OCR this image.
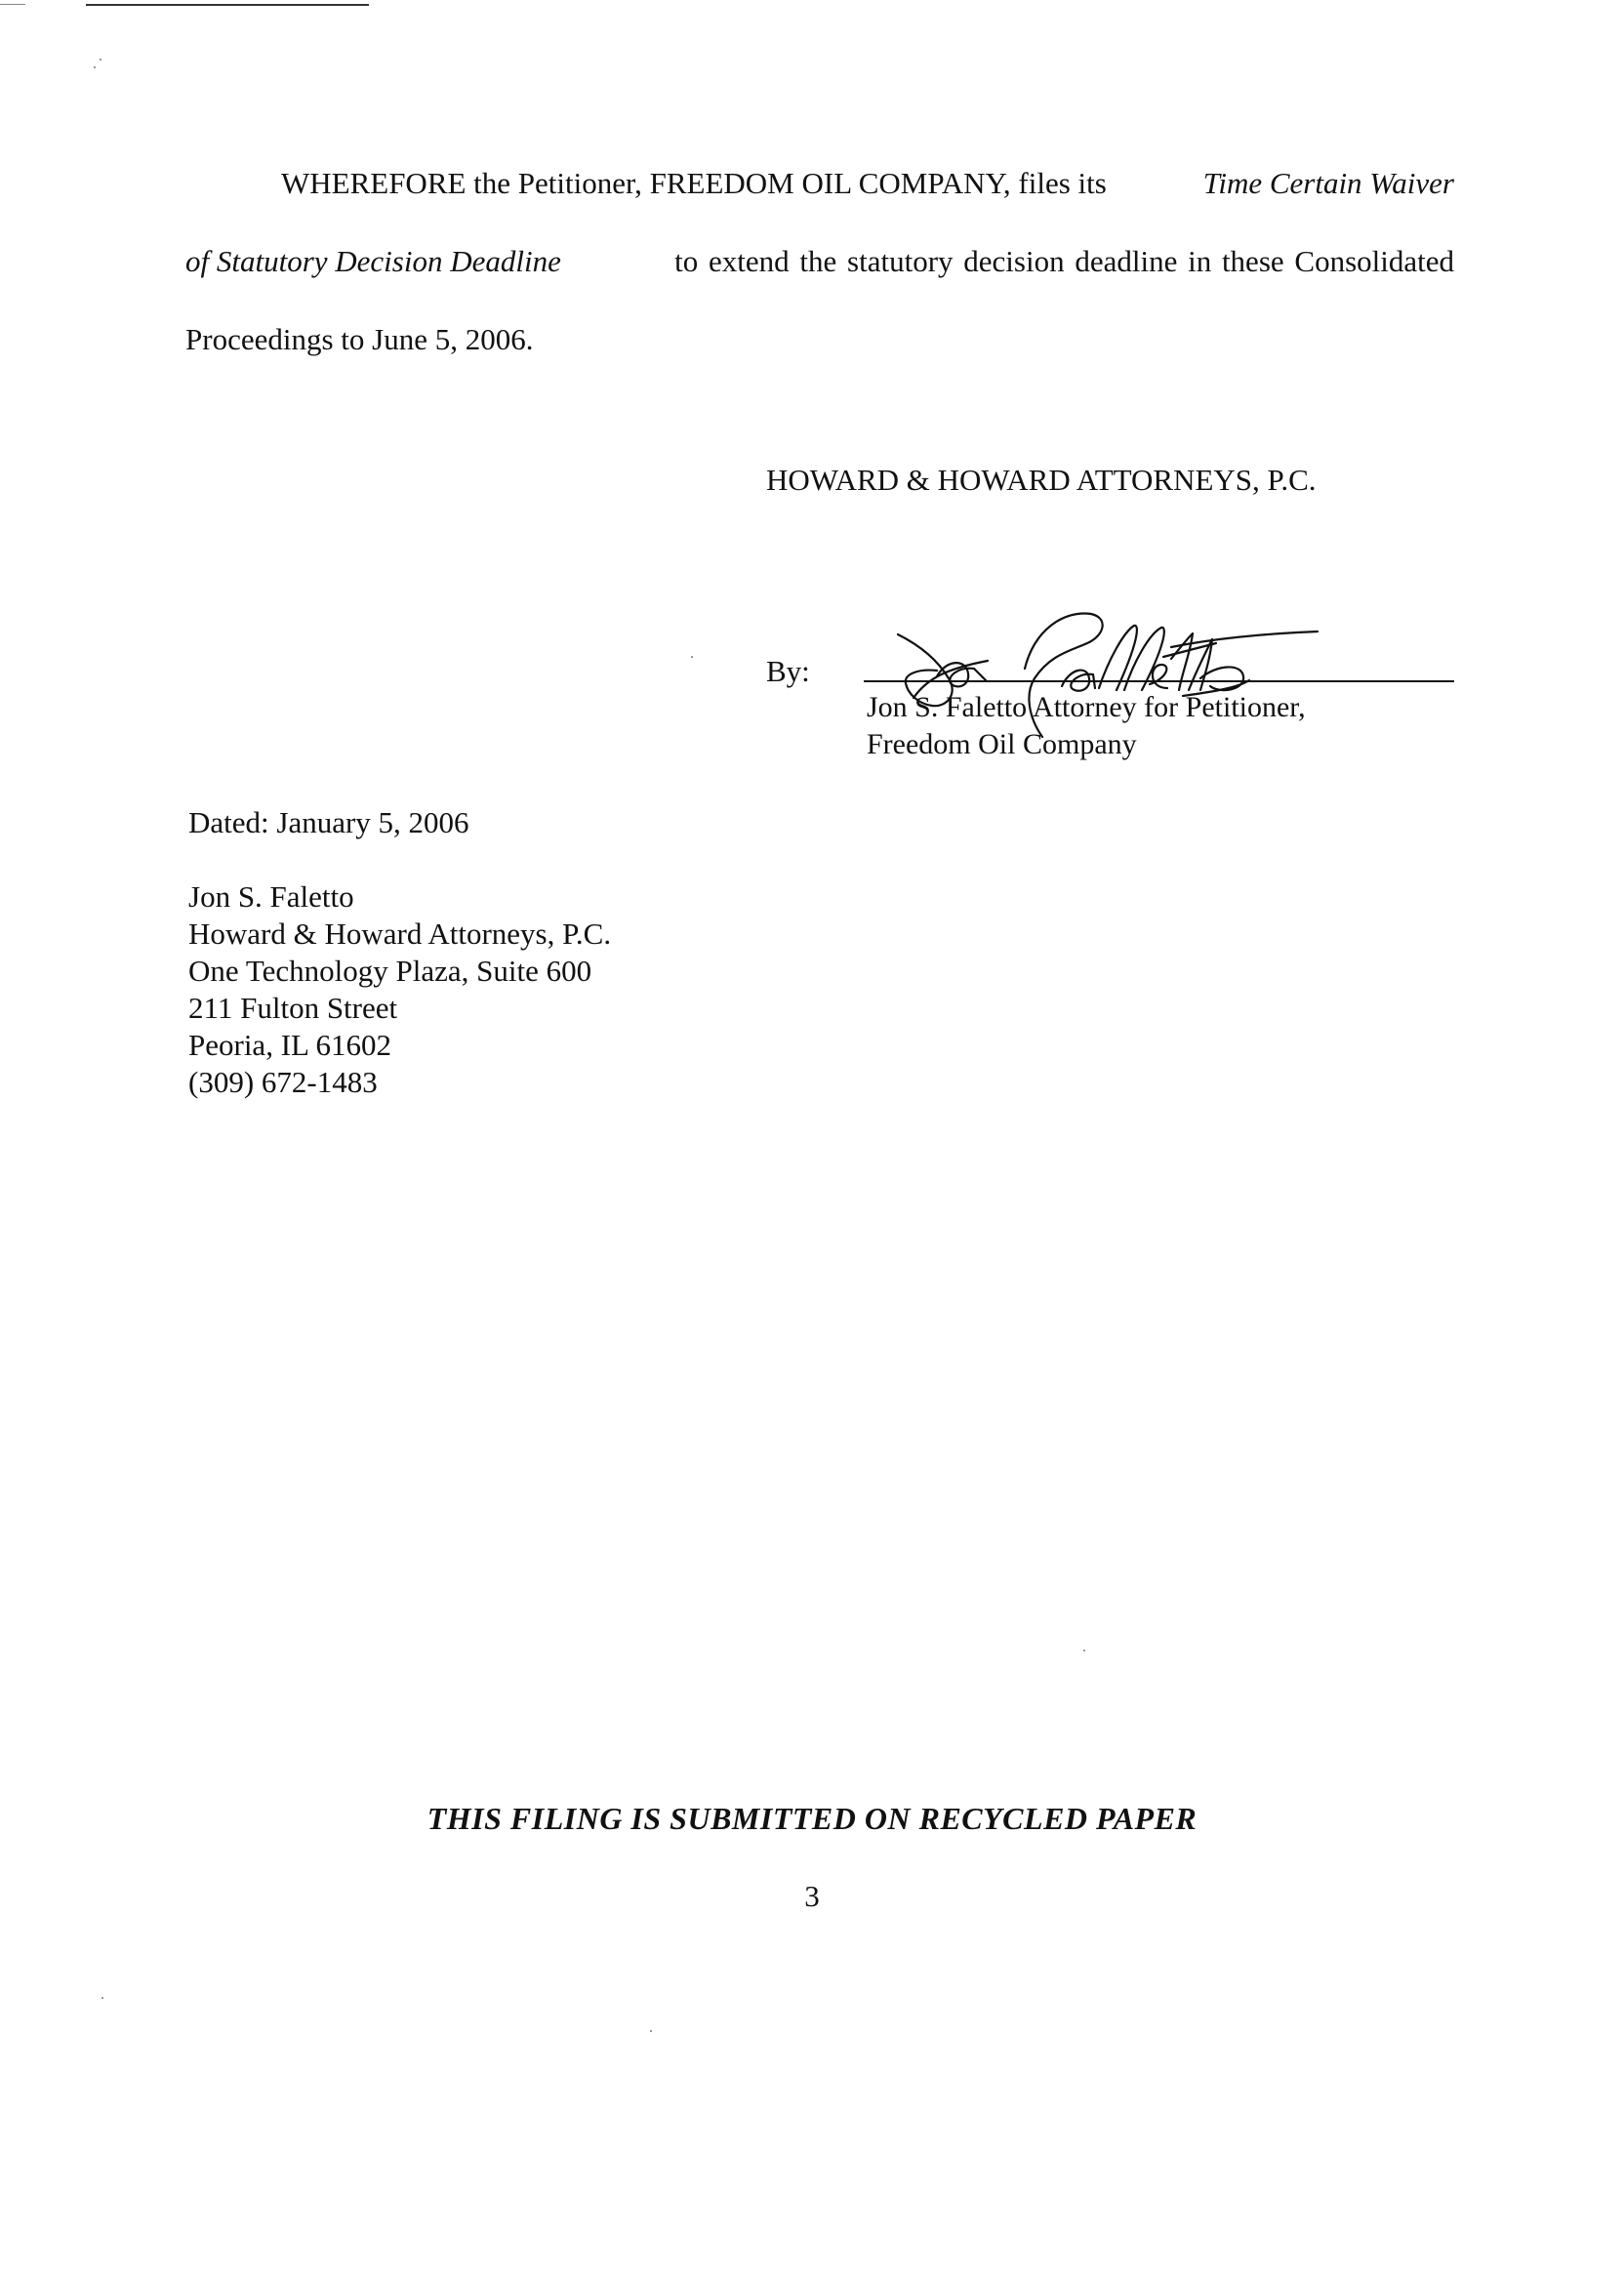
WHEREFORE the Petitioner, FREEDOM OIL COMPANY, files its	Time Certain Waiver
of Statutory Decision Deadline	to extend the statutory decision deadline in these Consolidated
Proceedings to June 5, 2006.
HOWARD & HOWARD ATTORNEYS, P.C.
By:
Jon S. Faletto Attorney for Petitioner,
Freedom Oil Company
Dated: January 5, 2006
Jon S. Faletto
Howard & Howard Attorneys, P.C.
One Technology Plaza, Suite 600
211 Fulton Street
Peoria, IL 61602
(309) 672-1483
THIS FILING IS SUBMITTED ON RECYCLED PAPER
3
